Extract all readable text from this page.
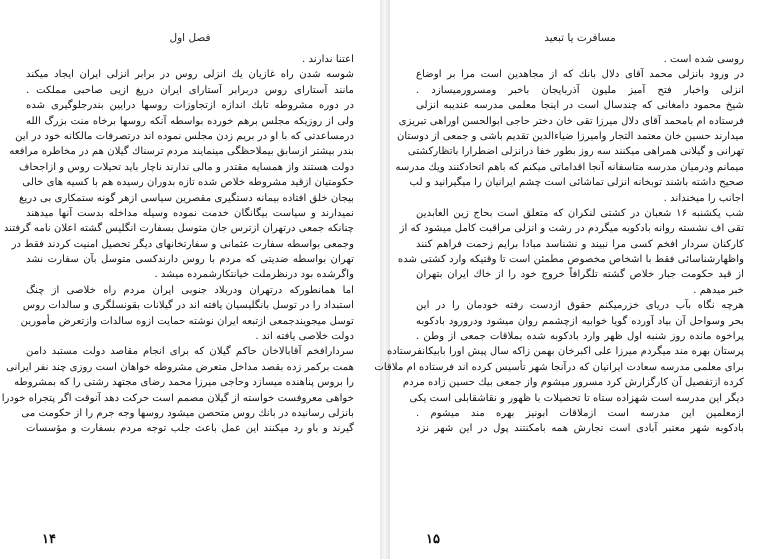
فصل اول
اعتنا ندارند .
شوسه شدن راه غازیان یك انزلی روس در برابر انزلی ایران ایجاد میكند
مانند آستارای روس دربرابر آستارای ایران دریغ ازیی صاحبی مملكت .
در دوره مشروطه تابك اندازه ازتجاوزات روسها درایین بندرجلوگیری شده
ولی از روزیکه مجلس برهم خورده بواسطه آنكه روسها برخاه منت بزرگ الله
درمساعدتی كه با او در بریم زدن مجلس نموده اند درتصرفات مالكانه خود در این
بندر بیشتر ازسابق بیملاحظگی مینمایند مردم ترسناك گیلان هم در مخاطره مرافعه
دولت هستند واز همسایه مقتدر و مالی ندارند ناچار باید تحیلات روس و ازاجحاف
حكومتیان ازقید مشروطه خلاص شده تازه بدوران رسیده هم با كسیه های خالی
بیجان خلق افتاده بیمانه دستگیری مقصرین سیاسی ازهر گونه ستمكاری بی دریغ
نمیدارند و سیاست بیگانگان خدمت نموده وسیله مداخله بدست آنها میدهند
چنانكه جمعی درتهران ازترس جان متوسل بسفارت انگلیس گشته اعلان نامه گرفتند
وجمعی بواسطه سفارت عثمانی و سفارتخانهای دیگر تحصیل امنیت كردند فقط در
تهران بواسطه ضدیتی كه مردم با روس دارندكسی متوسل بآن سفارت نشد
واگرشده بود درنظرملت خیانتكارشمرده میشد .
اما همانطوركه درتهران ودربلاد جنوبی ایران مردم راه خلاصی از چنگ
استبداد را در توسل بانگلیسیان یافته اند در گیلانات بقونسلگری و سالدات روس
توسل میجویندجمعی ازتبعه ایران نوشته حمایت ازوه سالدات وازتعرض مأمورین
دولت خلاصی یافته اند .
سردارافخم آقابالاخان حاكم گیلان كه برای انجام مقاصد دولت مستبد دامن
همت بركمر زده بقصد مداخل متعرض مشروطه خواهان است روزی چند نفر ایرانی
را بروس پناهنده میسازد وحاجی میرزا محمد رضای مجتهد رشتی را كه بمشروطه
خواهی معروفست خواسته از گیلان مصمم است حركت دهد آنوقت اگر پتجراه خودرا
بانزلی رسانیده در بانك روس متحصن میشود روسها وجه جرم را از حكومت می
گیرند و باو رد میكنند این عمل باعث جلب توجه مردم بسفارت و مؤسسات
۱۴
مسافرت یا تبعید
روسی شده است .
در ورود بانزلی محمد آقای دلال بانك كه از مجاهدین است مرا بر اوضاع
انزلی واخبار فتح آمیز ملیون آذربایجان باخبر ومسرورمیسازد .
شیخ محمود دامغانی كه چندسال است در اینجا معلمی مدرسه عندیبه انزلی
فرستاده ام بامحمد آقای دلال میرزا تقی خان دختر حاجی ابوالحسن اوراهی تبریزی
میدارند حسین خان معتمد التجار وامیرزا ضیاءالدین تقدیم باشی و جمعی از دوستان
تهرانی و گیلانی همراهی میكنند سه روز بطور خفا درانزلی اضطرارا باتظارکشتی
میمانم ودرمیان مدرسه متاسفانه آنجا اقداماتی میكنم كه باهم اتحادكنند ویك مدرسه
صحیح داشته باشند توبخانه انزلی تماشائی است چشم ایرانیان را میگیرانید و لب
اجانب را میخنداند .
شب یكشنبه ۱۶ شعبان در كشتی لنكران كه متعلق است بحاج زین العابدین
تقی اف نشسته روانه بادكوبه میگردم در رشت و انزلی مراقبت كامل میشود كه از
كاركنان سردار افخم كسی مرا نبیند و نشناسد مبادا برایم زحمت فراهم كنند
واظهارشناسائی فقط با اشخاص مخصوص مطمئن است تا وقتیكه وارد كشتی شده
از قید حكومت جبار خلاص گشته تلگرافاً خروج خود را از خاك ایران بتهران
خبر میدهم .
هرچه نگاه بآب دریای خزرمیكنم حقوق ازدست رفته خودمان را در این
بحر وسواحل آن بیاد آورده گویا خوابیه ازچشمم روان میشود ودرورود بادكوبه
پراخوه مانده روز شنبه اول ظهر وارد بادكوبه شده بملاقات جمعی از وطن .
پرستان بهره مند میگردم میرزا علی اكبرخان بهمن زاكه سال پیش اورا بابیکانفرستاده
برای معلمی مدرسه سعادت ایرانیان كه درآنجا شهر تأسیس كرده اند فرستاده ام ملاقات
كرده ازتفصیل آن كارگزارش كرد مسرور میشوم واز جمعی بیك حسین زاده مردم
دیگر این مدرسه است شهزاده ستاه تا تحصیلات با ظهور و نقاشقابلی است یكی
ازمعلمین این مدرسه است ازملاقات ابونیز بهره مند میشوم .
بادكوبه شهر معتبر آبادی است تجارش همه بامكنتند پول در این شهر نزد
۱۵
